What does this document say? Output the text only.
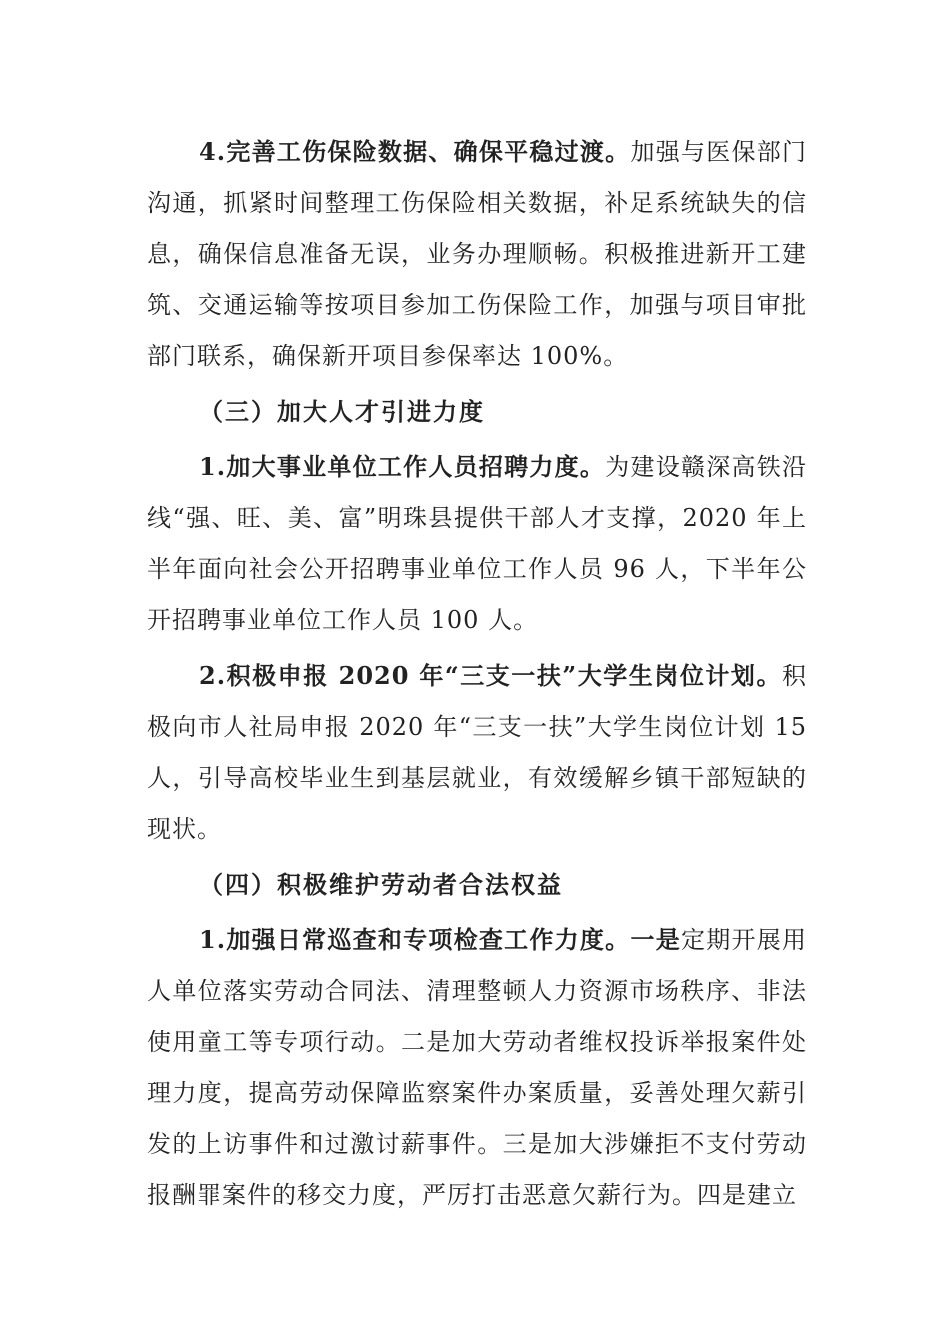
4.完善工伤保险数据、确保平稳过渡。加强与医保部门沟通，抓紧时间整理工伤保险相关数据，补足系统缺失的信息，确保信息准备无误，业务办理顺畅。积极推进新开工建筑、交通运输等按项目参加工伤保险工作，加强与项目审批部门联系，确保新开项目参保率达 100%。

（三）加大人才引进力度

1.加大事业单位工作人员招聘力度。为建设赣深高铁沿线“强、旺、美、富”明珠县提供干部人才支撑，2020 年上半年面向社会公开招聘事业单位工作人员 96 人，下半年公开招聘事业单位工作人员 100 人。

2.积极申报 2020 年“三支一扶”大学生岗位计划。积极向市人社局申报 2020 年“三支一扶”大学生岗位计划 15 人，引导高校毕业生到基层就业，有效缓解乡镇干部短缺的现状。

（四）积极维护劳动者合法权益

1.加强日常巡查和专项检查工作力度。一是定期开展用人单位落实劳动合同法、清理整顿人力资源市场秩序、非法使用童工等专项行动。二是加大劳动者维权投诉举报案件处理力度，提高劳动保障监察案件办案质量，妥善处理欠薪引发的上访事件和过激讨薪事件。三是加大涉嫌拒不支付劳动报酬罪案件的移交力度，严厉打击恶意欠薪行为。四是建立
